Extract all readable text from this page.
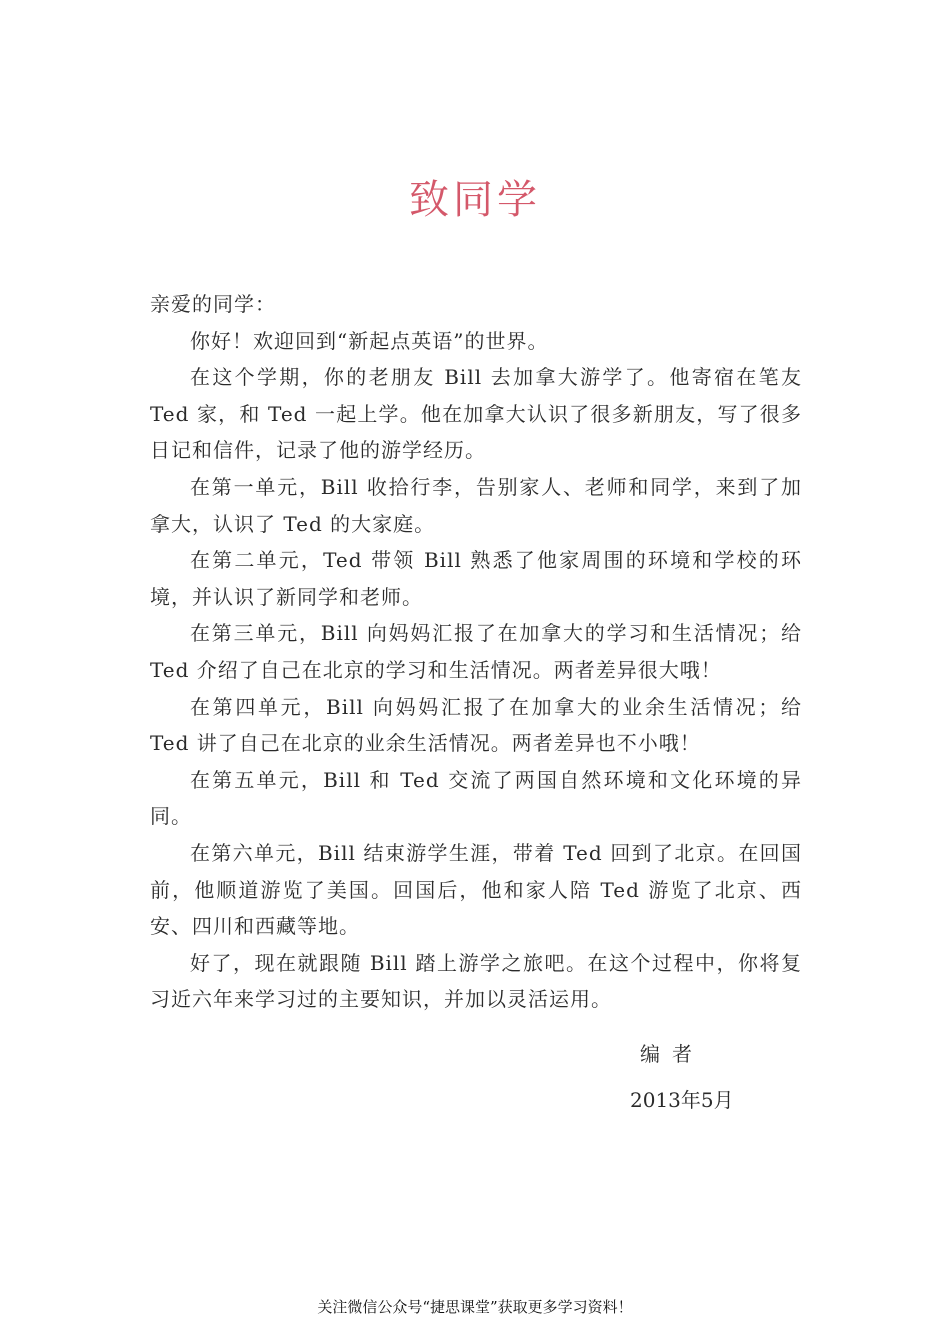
致同学

亲爱的同学：

你好！欢迎回到“新起点英语”的世界。

在这个学期，你的老朋友 Bill 去加拿大游学了。他寄宿在笔友 Ted 家，和 Ted 一起上学。他在加拿大认识了很多新朋友，写了很多日记和信件，记录了他的游学经历。

在第一单元，Bill 收拾行李，告别家人、老师和同学，来到了加拿大，认识了 Ted 的大家庭。

在第二单元，Ted 带领 Bill 熟悉了他家周围的环境和学校的环境，并认识了新同学和老师。

在第三单元，Bill 向妈妈汇报了在加拿大的学习和生活情况；给 Ted 介绍了自己在北京的学习和生活情况。两者差异很大哦！

在第四单元，Bill 向妈妈汇报了在加拿大的业余生活情况；给 Ted 讲了自己在北京的业余生活情况。两者差异也不小哦！

在第五单元，Bill 和 Ted 交流了两国自然环境和文化环境的异同。

在第六单元，Bill 结束游学生涯，带着 Ted 回到了北京。在回国前，他顺道游览了美国。回国后，他和家人陪 Ted 游览了北京、西安、四川和西藏等地。

好了，现在就跟随 Bill 踏上游学之旅吧。在这个过程中，你将复习近六年来学习过的主要知识，并加以灵活运用。

编者

2013年5月

关注微信公众号“捷思课堂”获取更多学习资料！
